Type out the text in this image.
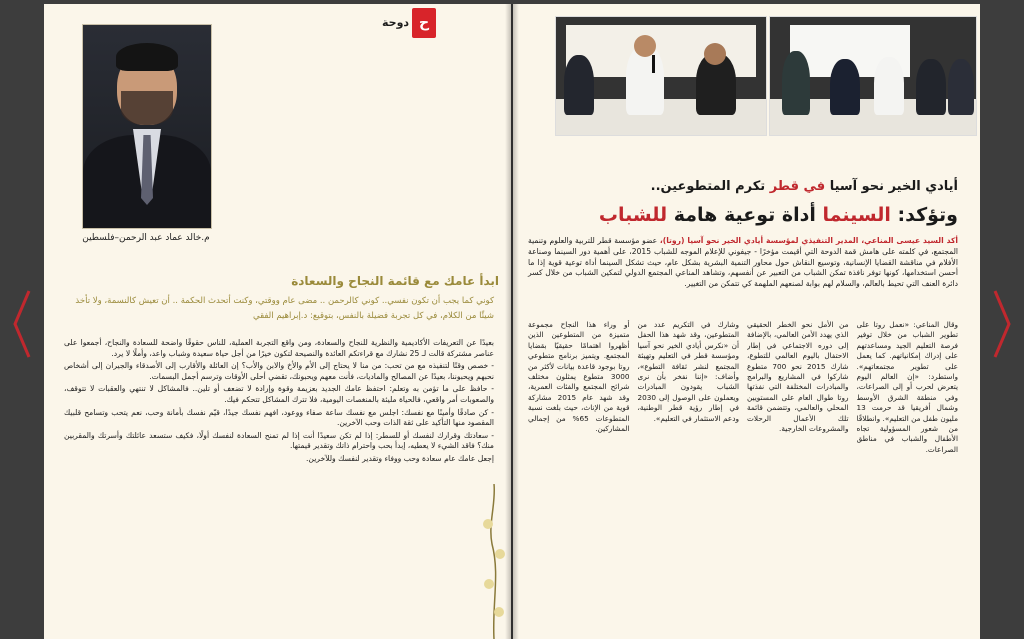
م.خالد عماد عبد الرحمن–فلسطين
ح
دوحة
ابدأ عامك مع قائمة النجاح والسعادة
كوني كما يجب أن تكون نفسي.. كوني كالرحمن .. مضى عام ووقتي، وكنت أتحدث الحكمة .. أن تعيش كالنسمة، ولا تأخذ شيئًا من الكلام، في كل تجربة فضيلة بالنفس، بتوقيع: د.إبراهيم الفقي

بعيدًا عن التعريفات الأكاديمية والنظرية للنجاح والسعادة، ومن واقع التجربة العملية، للناس حقوقًا واضحة للسعادة والنجاح، أجمعوا على عناصر مشتركة قالت لـ 25 نشارك مع قراءتكم العائدة والنصيحة لتكون خيرًا من أجل حياة سعيدة وشباب واعد، وأملًا لا يرد.

- خصص وقتًا لتنفيذه مع من تحب: من منا لا يحتاج إلى الأم والأخ والابن والأب؟ إن العائلة والأقارب إلى الأصدقاء والجيران إلى أشخاص نحبهم ويحبوننا، بعيدًا عن المصالح والماديات، فأنت معهم ويحبونك، تقضي أحلى الأوقات وترسم أجمل البسمات.

- حافظ على ما تؤمن به وتعلم: احتفظ عامك الجديد بعزيمة وقوة وإرادة لا تضعف أو تلين.. فالمشاكل لا تنتهي والعقبات لا تتوقف، والصعوبات أمر واقعي، فالحياة مليئة بالمنغصات اليومية، فلا تترك المشاكل تتحكم فيك.

- كن صادقًا وأمينًا مع نفسك: اجلس مع نفسك ساعة صفاء ووعود، افهم نفسك جيدًا، قيّم نفسك بأمانة وحب، نعم يتحب وتسامح قلبيك المقصود منها التأكيد على ثقة الذات وحب الآخرين.

- سعادتك وقرارك لنفسك أو للسطر: إذا لم تكن سعيدًا أنت إذا لم تمنح السعادة لنفسك أولًا، فكيف ستسعد عائلتك وأسرتك والمقربين منك؟ فاقد الشيء لا يعطيه، إبدأ بحب واحترام ذاتك وتقدير قيمتها.

إجعل عامك عام سعادة وحب ووفاء وتقدير لنفسك وللآخرين.

أيادي الخير نحو آسيا في قطر تكرم المتطوعين..
وتؤكد: السينما أداة توعية هامة للشباب
أكد السيد عيسى المناعي، المدير التنفيذي لمؤسسة أيادي الخير نحو آسيا (روتا)، عضو مؤسسة قطر للتربية والعلوم وتنمية المجتمع، في كلمته على هامش قمة الدوحة التي أقيمت مؤخرًا - جيفوني للإعلام الموجه للشباب 2015، على أهمية دور السينما وصناعة الأفلام في مناقشة القضايا الإنسانية، وتوسيع النقاش حول محاور التنمية البشرية بشكل عام، حيث تشكل السينما أداة توعية قوية إذا ما أحسن استخدامها، كونها توفر نافذة تمكن الشباب من التعبير عن أنفسهم، وتشاهد المناعي المجتمع الدولي لتمكين الشباب من خلال كسر دائرة العنف التي تحيط بالعالم، والسلام لهم بوابة لصنعهم الملهمة كي تتمكن من التغيير.
وقال المناعي: «نعمل روتا على تطوير الشباب من خلال توفير فرصة التعليم الجيد ومساعدتهم على إدراك إمكانياتهم. كما يعمل على تطوير مجتمعاتهم». واستطرد: «إن العالم اليوم يتعرض لحرب أو إلى الصراعات، وفي منطقة الشرق الأوسط وشمال أفريقيا قد حرمت 13 مليون طفل من التعليم». وانطلاقًا من شعور المسؤولية تجاه الأطفال والشباب في مناطق الصراعات.
من الأمل نحو الخطر الحقيقي الذي يهدد الأمن العالمي، بالإضافة إلى دوره الاجتماعي في إطار الاحتفال باليوم العالمي للتطوع، شارك 2015 نحو 700 متطوع شاركوا في المشاريع والبرامج والمبادرات المختلفة التي نفذتها روتا طوال العام على المستويين المحلي والعالمي، وتتضمن قائمة تلك الأعمال الرحلات والمشروعات الخارجية.
وشارك في التكريم عدد من المتطوعين، وقد شهد هذا الحفل أن «نكرس أيادي الخير نحو آسيا ومؤسسة قطر في التعليم وتهيئة المجتمع لنشر ثقافة التطوع»، وأضاف: «إننا نفخر بأن نرى الشباب يقودون المبادرات ويعملون على الوصول إلى 2030 في إطار رؤية قطر الوطنية، ودعم الاستثمار في التعليم».
أو وراء هذا النجاح مجموعة متميزة من المتطوعين الذين أظهروا اهتمامًا حقيقيًا بقضايا المجتمع. ويتميز برنامج متطوعي روتا بوجود قاعدة بيانات لأكثر من 3000 متطوع يمثلون مختلف شرائح المجتمع والفئات العمرية، وقد شهد عام 2015 مشاركة قوية من الإناث، حيث بلغت نسبة المتطوعات 65% من إجمالي المشاركين.
